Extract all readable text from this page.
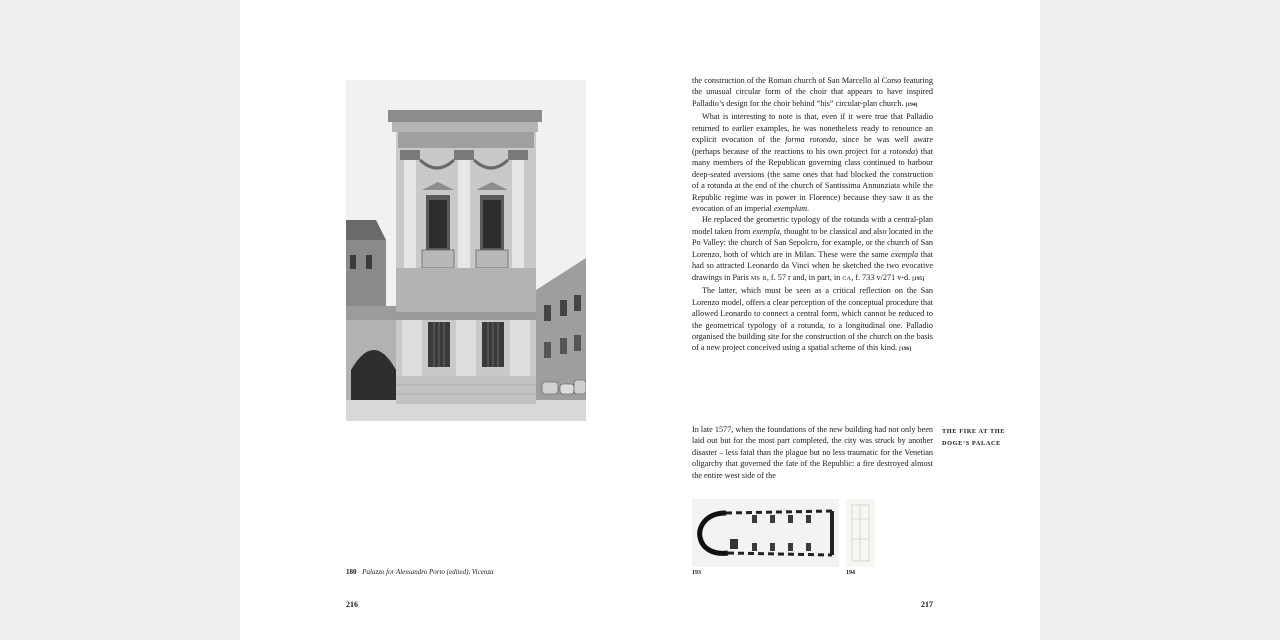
180 Palazzo for Alessandro Porto (edited), Vicenza
216

the construction of the Roman church of San Marcello al Corso featuring the unusual circular form of the choir that appears to have inspired Palladio’s design for the choir behind “his” circular-plan church. [194]

What is interesting to note is that, even if it were true that Palladio returned to earlier examples, he was nonetheless ready to renounce an explicit evocation of the forma rotonda, since he was well aware (perhaps because of the reactions to his own project for a rotonda) that many members of the Republican governing class continued to harbour deep-seated aversions (the same ones that had blocked the construction of a rotunda at the end of the church of Santissima Annunziata while the Republic regime was in power in Florence) because they saw it as the evocation of an imperial exemplum.

He replaced the geometric typology of the rotunda with a central-plan model taken from exempla, thought to be classical and also located in the Po Valley: the church of San Sepolcro, for example, or the church of San Lorenzo, both of which are in Milan. These were the same exempla that had so attracted Leonardo da Vinci when he sketched the two evocative drawings in Paris ms b, f. 57 r and, in part, in ca, f. 733 v/271 v-d. [195]

The latter, which must be seen as a critical reflection on the San Lorenzo model, offers a clear perception of the conceptual procedure that allowed Leonardo to connect a central form, which cannot be reduced to the geometrical typology of a rotunda, to a longitudinal one. Palladio organised the building site for the construction of the church on the basis of a new project conceived using a spatial scheme of this kind. [196]

In late 1577, when the foundations of the new building had not only been laid out but for the most part completed, the city was struck by another disaster – less fatal than the plague but no less traumatic for the Venetian oligarchy that governed the fate of the Republic: a fire destroyed almost the entire west side of the

THE FIRE AT THE
DOGE’S PALACE
193	194
217
